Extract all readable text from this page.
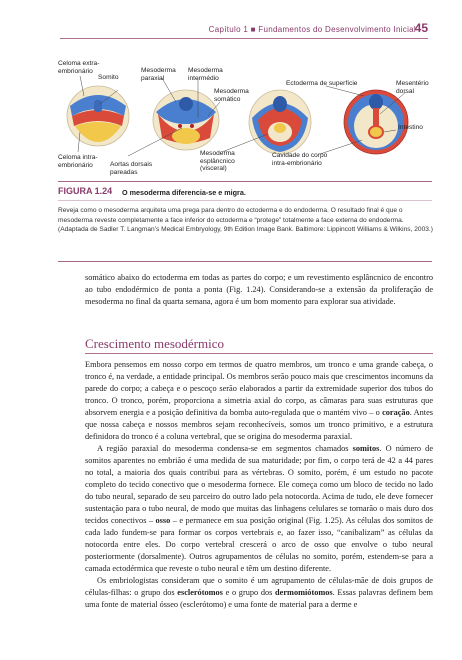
Capítulo 1 ■ Fundamentos do Desenvolvimento Inicial
45
Celoma extra-
embrionário
Somito
Mesoderma
paraxial
Mesoderma
intermédio
Mesoderma
somático
Ectoderma de superfície	Mesentério
dorsal
Intestino
Celoma intra-
embrionário	Aortas dorsais
pareadas
Mesoderma
esplâncnico
(visceral)
Cavidade do corpo
intra-embrionário
FIGURA 1.24 O mesoderma diferencia-se e migra.
Reveja como o mesoderma arquiteta uma prega para dentro do ectoderma e do endoderma. O resultado final é que o mesoderma reveste completamente a face inferior do ectoderma e “protege” totalmente a face externa do endoderma. (Adaptada de Sadler T. Langman’s Medical Embryology, 9th Edition Image Bank. Baltimore: Lippincott Williams & Wilkins, 2003.)

somático abaixo do ectoderma em todas as partes do corpo; e um revestimento esplâncnico de encontro ao tubo endodérmico de ponta a ponta (Fig. 1.24). Considerando-se a extensão da proliferação de mesoderma no final da quarta semana, agora é um bom momento para explorar sua atividade.

Crescimento mesodérmico

Embora pensemos em nosso corpo em termos de quatro membros, um tronco e uma grande cabeça, o tronco é, na verdade, a entidade principal. Os membros serão pouco mais que crescimentos incomuns da parede do corpo; a cabeça e o pescoço serão elaborados a partir da extremidade superior dos tubos do tronco. O tronco, porém, proporciona a simetria axial do corpo, as câmaras para suas estruturas que absorvem energia e a posição definitiva da bomba auto-regulada que o mantém vivo – o coração. Antes que nossa cabeça e nossos membros sejam reconhecíveis, somos um tronco primitivo, e a estrutura definidora do tronco é a coluna vertebral, que se origina do mesoderma paraxial.

A região paraxial do mesoderma condensa-se em segmentos chamados somitos. O número de somitos aparentes no embrião é uma medida de sua maturidade; por fim, o corpo terá de 42 a 44 pares no total, a maioria dos quais contribui para as vértebras. O somito, porém, é um estudo no pacote completo do tecido conectivo que o mesoderma fornece. Ele começa como um bloco de tecido no lado do tubo neural, separado de seu parceiro do outro lado pela notocorda. Acima de tudo, ele deve fornecer sustentação para o tubo neural, de modo que muitas das linhagens celulares se tornarão o mais duro dos tecidos conectivos – osso – e permanece em sua posição original (Fig. 1.25). As células dos somitos de cada lado fundem-se para formar os corpos vertebrais e, ao fazer isso, “canibalizam” as células da notocorda entre eles. Do corpo vertebral crescerá o arco de osso que envolve o tubo neural posteriormente (dorsalmente). Outros agrupamentos de células no somito, porém, estendem-se para a camada ectodérmica que reveste o tubo neural e têm um destino diferente.

Os embriologistas consideram que o somito é um agrupamento de células-mãe de dois grupos de células-filhas: o grupo dos esclerótomos e o grupo dos dermomiótomos. Essas palavras definem bem uma fonte de material ósseo (esclerótomo) e uma fonte de material para a derme e
